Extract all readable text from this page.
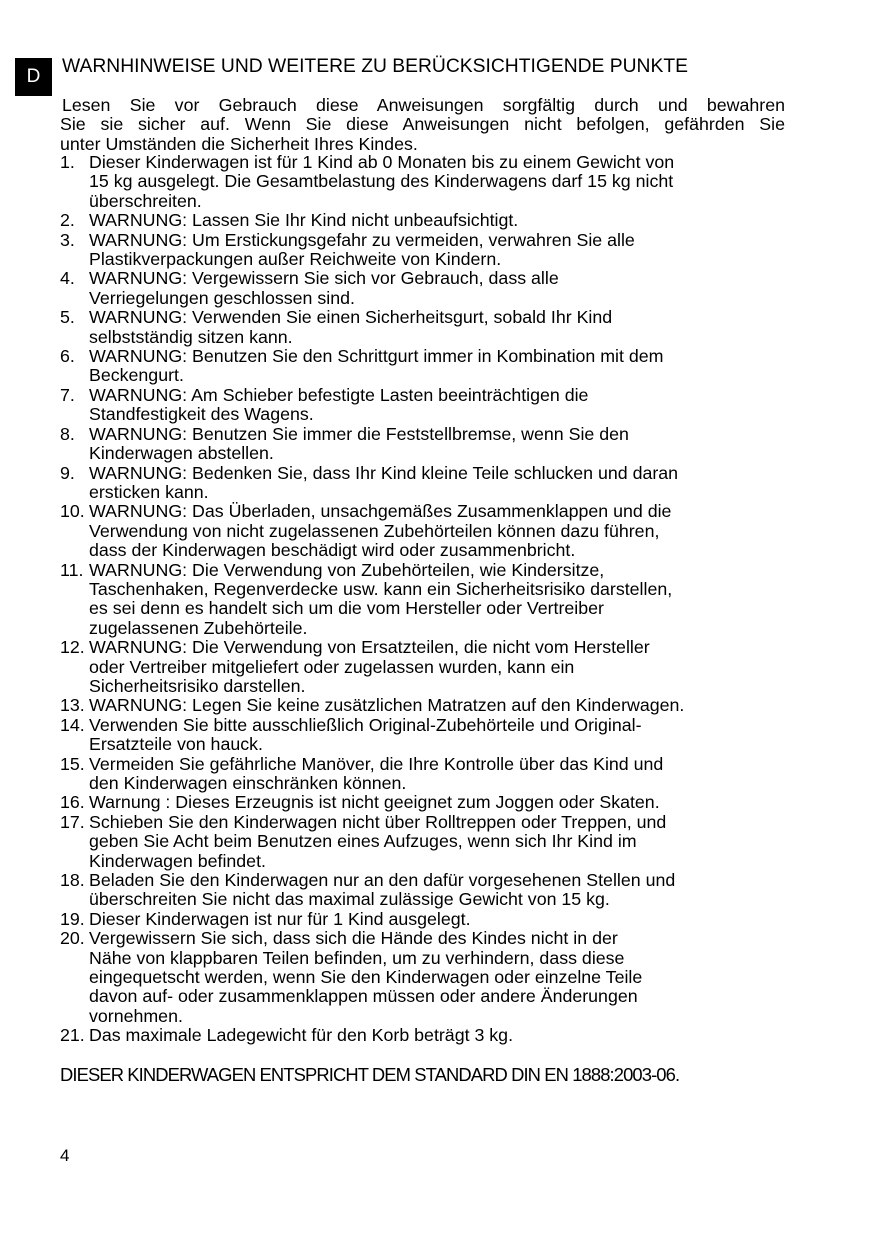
D	WARNHINWEISE UND WEITERE ZU BERÜCKSICHTIGENDE PUNKTE
Lesen Sie vor Gebrauch diese Anweisungen sorgfältig durch und bewahren
Sie sie sicher auf. Wenn Sie diese Anweisungen nicht befolgen, gefährden Sie
unter Umständen die Sicherheit Ihres Kindes.
1. Dieser Kinderwagen ist für 1 Kind ab 0 Monaten bis zu einem Gewicht von
15 kg ausgelegt. Die Gesamtbelastung des Kinderwagens darf 15 kg nicht
überschreiten.
2. WARNUNG: Lassen Sie Ihr Kind nicht unbeaufsichtigt.
3. WARNUNG: Um Erstickungsgefahr zu vermeiden, verwahren Sie alle
Plastikverpackungen außer Reichweite von Kindern.
4. WARNUNG: Vergewissern Sie sich vor Gebrauch, dass alle
Verriegelungen geschlossen sind.
5. WARNUNG: Verwenden Sie einen Sicherheitsgurt, sobald Ihr Kind
selbstständig sitzen kann.
6. WARNUNG: Benutzen Sie den Schrittgurt immer in Kombination mit dem
Beckengurt.
7. WARNUNG: Am Schieber befestigte Lasten beeinträchtigen die
Standfestigkeit des Wagens.
8. WARNUNG: Benutzen Sie immer die Feststellbremse, wenn Sie den
Kinderwagen abstellen.
9. WARNUNG: Bedenken Sie, dass Ihr Kind kleine Teile schlucken und daran
ersticken kann.
10. WARNUNG: Das Überladen, unsachgemäßes Zusammenklappen und die
Verwendung von nicht zugelassenen Zubehörteilen können dazu führen,
dass der Kinderwagen beschädigt wird oder zusammenbricht.
11. WARNUNG: Die Verwendung von Zubehörteilen, wie Kindersitze,
Taschenhaken, Regenverdecke usw. kann ein Sicherheitsrisiko darstellen,
es sei denn es handelt sich um die vom Hersteller oder Vertreiber
zugelassenen Zubehörteile.
12. WARNUNG: Die Verwendung von Ersatzteilen, die nicht vom Hersteller
oder Vertreiber mitgeliefert oder zugelassen wurden, kann ein
Sicherheitsrisiko darstellen.
13. WARNUNG: Legen Sie keine zusätzlichen Matratzen auf den Kinderwagen.
14. Verwenden Sie bitte ausschließlich Original-Zubehörteile und Original-
Ersatzteile von hauck.
15. Vermeiden Sie gefährliche Manöver, die Ihre Kontrolle über das Kind und
den Kinderwagen einschränken können.
16. Warnung : Dieses Erzeugnis ist nicht geeignet zum Joggen oder Skaten.
17. Schieben Sie den Kinderwagen nicht über Rolltreppen oder Treppen, und
geben Sie Acht beim Benutzen eines Aufzuges, wenn sich Ihr Kind im
Kinderwagen befindet.
18. Beladen Sie den Kinderwagen nur an den dafür vorgesehenen Stellen und
überschreiten Sie nicht das maximal zulässige Gewicht von 15 kg.
19. Dieser Kinderwagen ist nur für 1 Kind ausgelegt.
20. Vergewissern Sie sich, dass sich die Hände des Kindes nicht in der
Nähe von klappbaren Teilen befinden, um zu verhindern, dass diese
eingequetscht werden, wenn Sie den Kinderwagen oder einzelne Teile
davon auf- oder zusammenklappen müssen oder andere Änderungen
vornehmen.
21. Das maximale Ladegewicht für den Korb beträgt 3 kg.
DIESER KINDERWAGEN ENTSPRICHT DEM STANDARD DIN EN 1888:2003-06.
4
